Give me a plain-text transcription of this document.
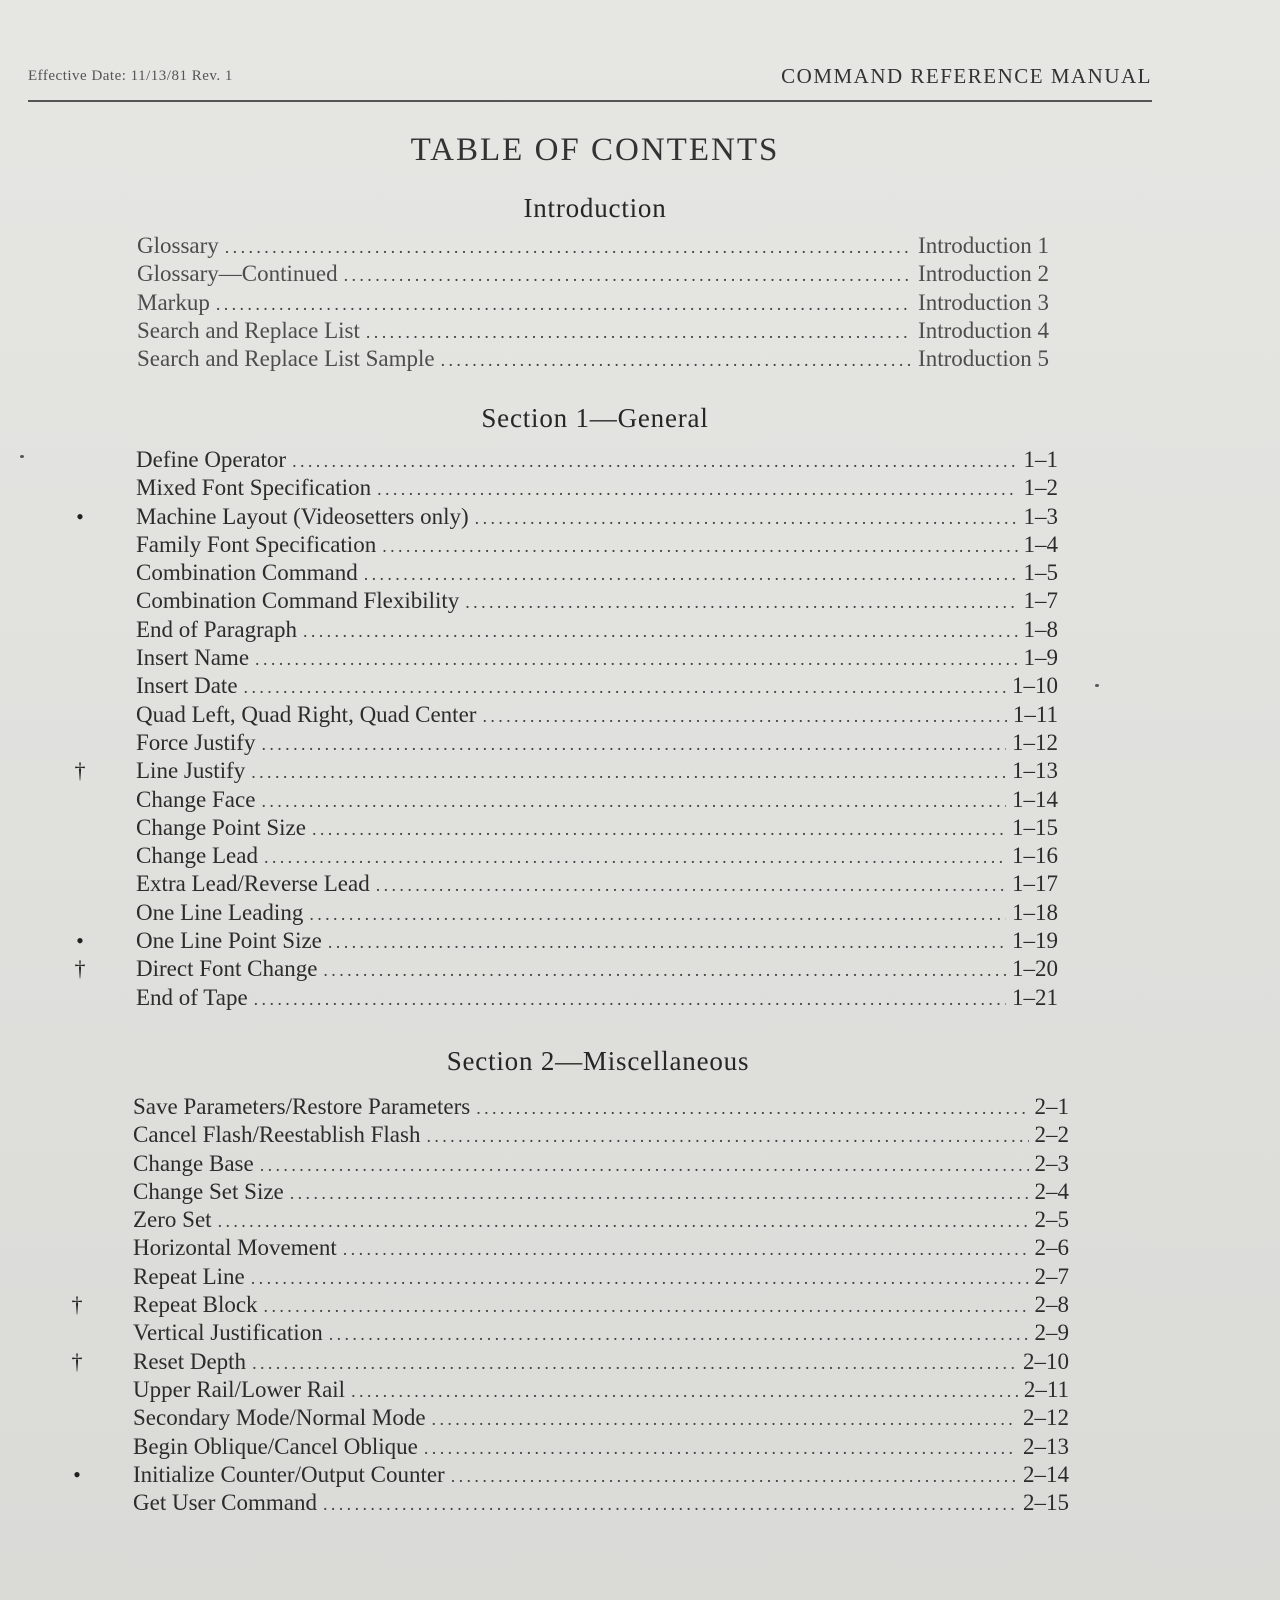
Effective Date: 11/13/81 Rev. 1	COMMAND REFERENCE MANUAL
TABLE OF CONTENTS
Introduction
Glossary .....	Introduction 1
Glossary—Continued .....	Introduction 2
Markup .....	Introduction 3
Search and Replace List .....	Introduction 4
Search and Replace List Sample .....	Introduction 5
Section 1—General
Define Operator .....	1–1
Mixed Font Specification .....	1–2
• Machine Layout (Videosetters only) .....	1–3
Family Font Specification .....	1–4
Combination Command .....	1–5
Combination Command Flexibility .....	1–7
End of Paragraph .....	1–8
Insert Name .....	1–9
Insert Date .....	1–10
Quad Left, Quad Right, Quad Center .....	1–11
Force Justify .....	1–12
† Line Justify .....	1–13
Change Face .....	1–14
Change Point Size .....	1–15
Change Lead .....	1–16
Extra Lead/Reverse Lead .....	1–17
One Line Leading .....	1–18
• One Line Point Size .....	1–19
† Direct Font Change .....	1–20
End of Tape .....	1–21
Section 2—Miscellaneous
Save Parameters/Restore Parameters .....	2–1
Cancel Flash/Reestablish Flash .....	2–2
Change Base .....	2–3
Change Set Size .....	2–4
Zero Set .....	2–5
Horizontal Movement .....	2–6
Repeat Line .....	2–7
† Repeat Block .....	2–8
Vertical Justification .....	2–9
† Reset Depth .....	2–10
Upper Rail/Lower Rail .....	2–11
Secondary Mode/Normal Mode .....	2–12
Begin Oblique/Cancel Oblique .....	2–13
• Initialize Counter/Output Counter .....	2–14
Get User Command .....	2–15
